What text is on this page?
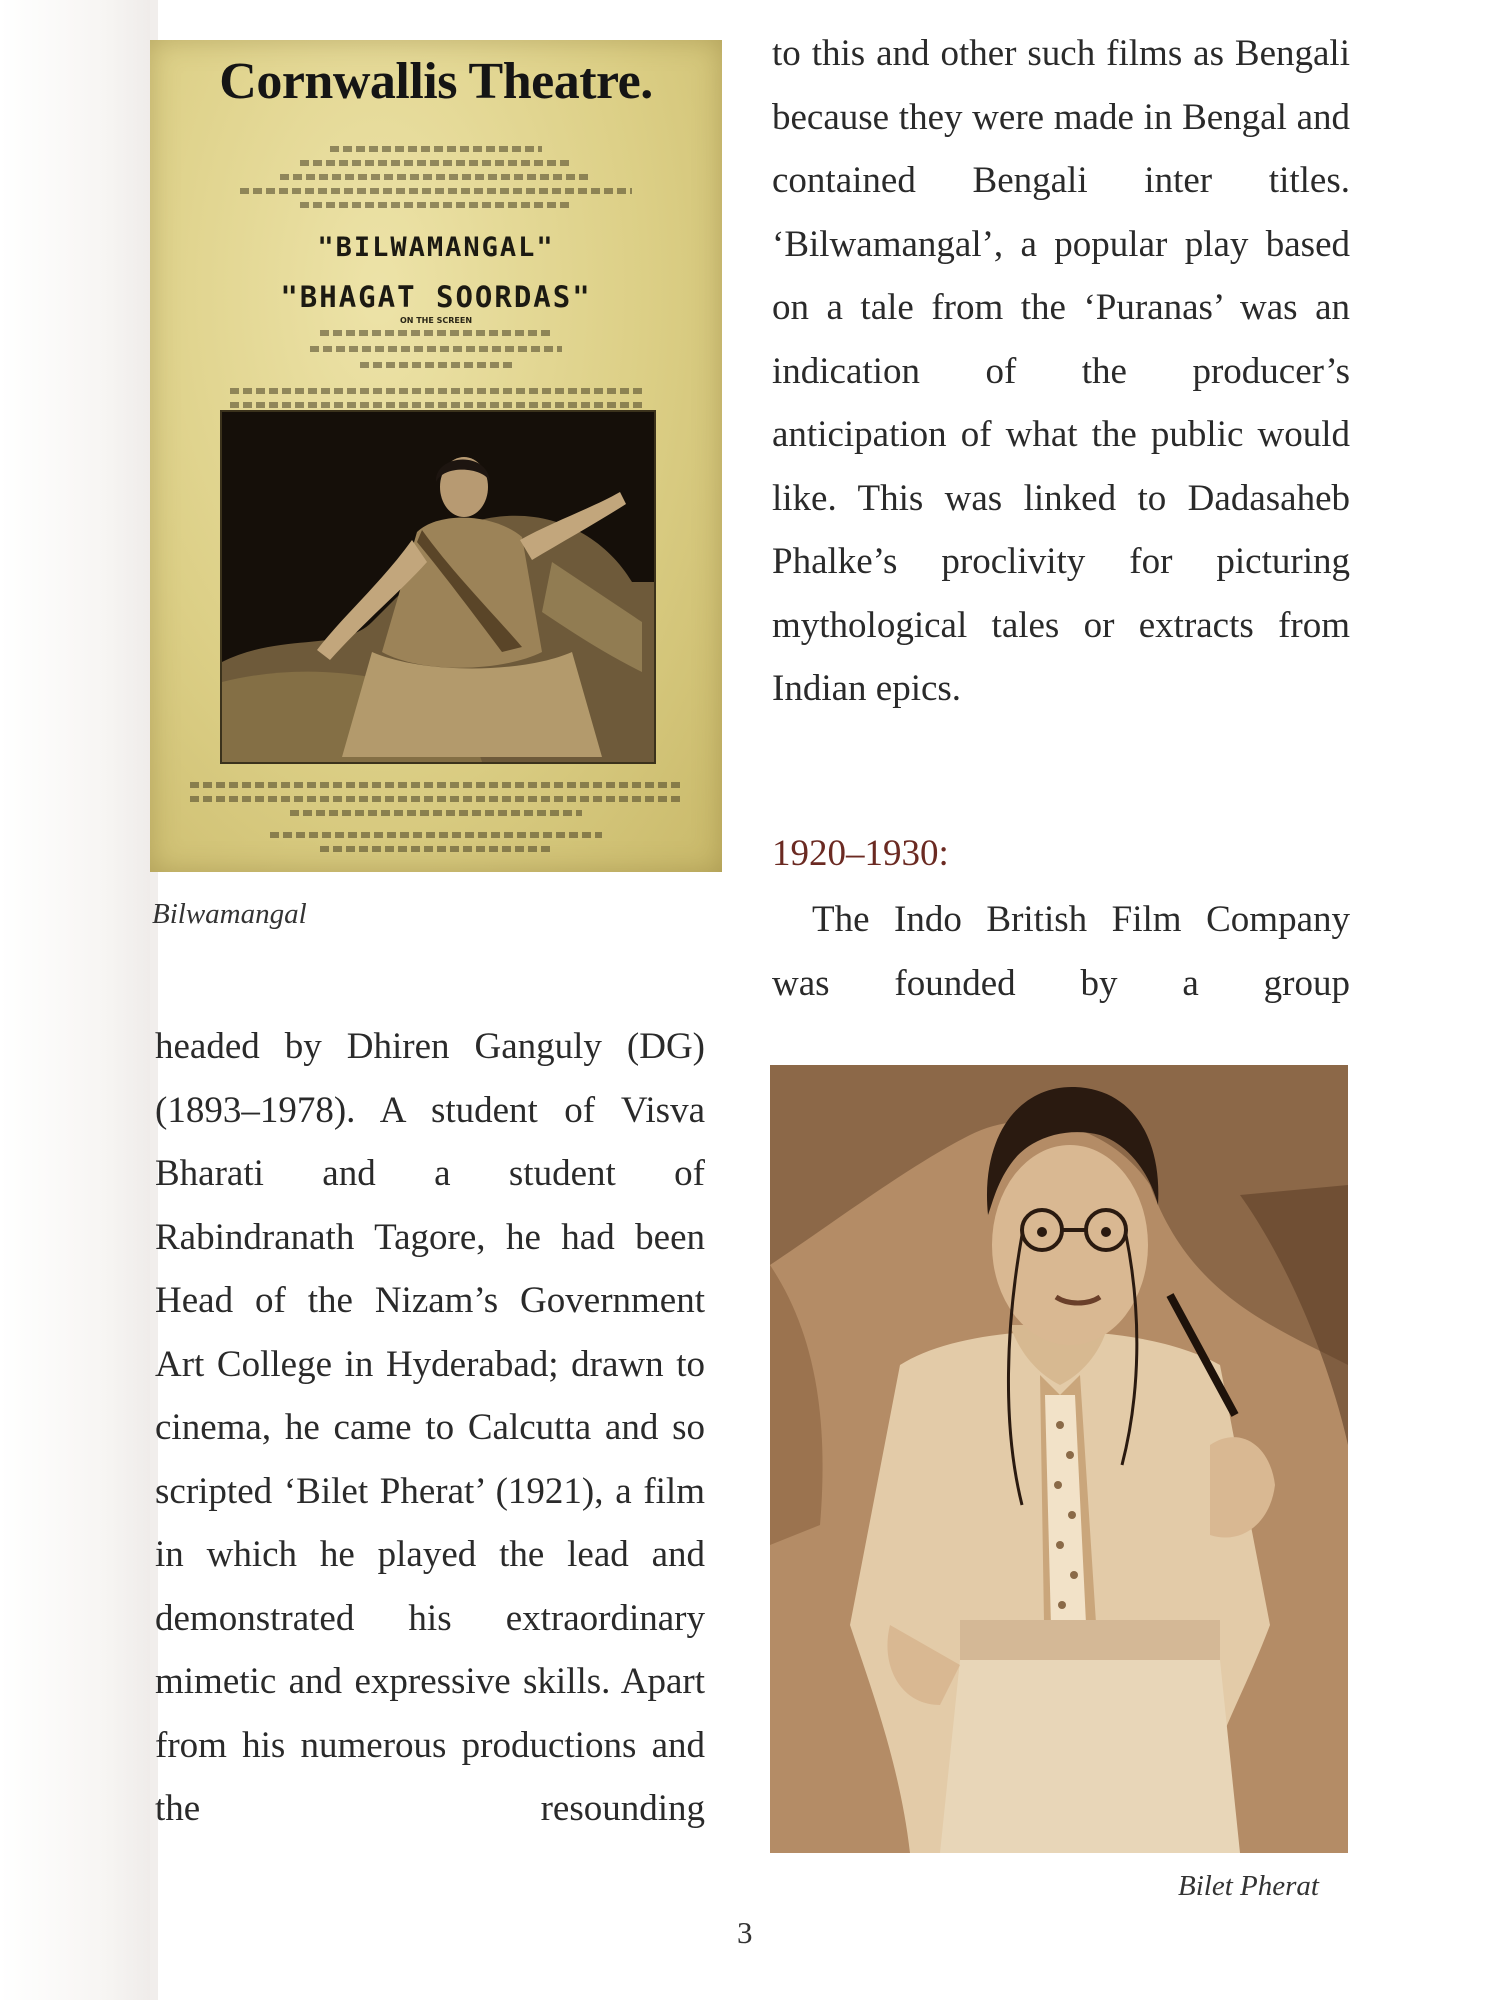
Cornwallis Theatre.
"BILWAMANGAL"
"BHAGAT SOORDAS"
ON THE SCREEN
Bilwamangal

to this and other such films as Bengali because they were made in Bengal and contained Bengali inter titles. ‘Bilwamangal’, a popular play based on a tale from the ‘Puranas’ was an indication of the producer’s anticipation of what the public would like. This was linked to Dadasaheb Phalke’s proclivity for picturing mythological tales or extracts from Indian epics.

1920–1930:

The Indo British Film Company was founded by a group

headed by Dhiren Ganguly (DG) (1893–1978). A student of Visva Bharati and a student of Rabindranath Tagore, he had been Head of the Nizam’s Government Art College in Hyderabad; drawn to cinema, he came to Calcutta and so scripted ‘Bilet Pherat’ (1921), a film in which he played the lead and demonstrated his extraordinary mimetic and expressive skills. Apart from his numerous productions and the resounding

Bilet Pherat
3
